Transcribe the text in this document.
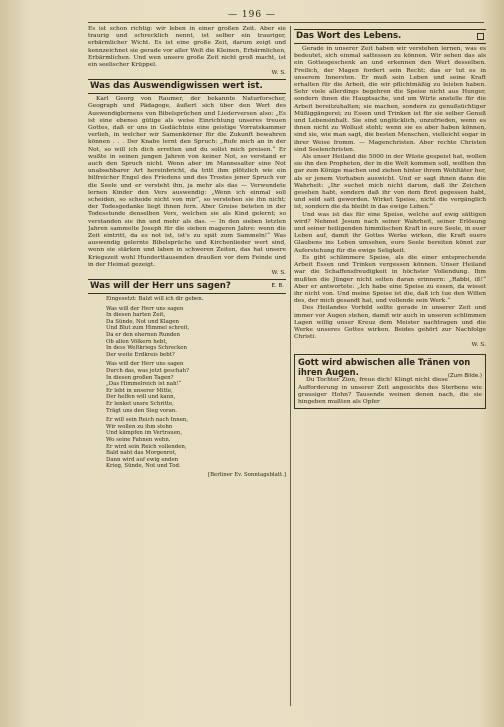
— 196 —

Es ist schon richtig: wir leben in einer großen Zeit. Aber sie traurig und schrecklich nennt, ist selber ein trauriger, erbärmlicher Wicht. Es ist eine große Zeit, darum zeigt und kennzeichnet sie gerade vor aller Welt die Kleinen, Erbärmlichen, Erbärmlichen. Und wen unsere große Zeit nicht groß macht, ist ein seelischer Krüppel.

W. S.
Was das Auswendigwissen wert ist.

Karl Georg von Raumer, der bekannte Naturforscher, Geograph und Pädagoge, äußert sich über den Wert des Auswendiglernens von Bibelsprüchen und Liederversen also: „Es ist eine ebenso gütige als weise Einrichtung unseres treuen Gottes, daß er uns in Gedächtnis eine geistige Vorratskammer verlieh, in welcher wir Samenkörner für die Zukunft bewahren können . . . Der Knabe lernt den Spruch: „Rufe mich an in der Not, so will ich dich erretten und du sollst mich preisen.“ Er wußte in seinen jungen Jahren von keiner Not, so verstand er auch den Spruch nicht. Wenn aber im Mannesalter eine Not unabsehbarer Art hereinbricht, da tritt ihm plötzlich wie ein hilfreicher Engel des Friedens und des Trostes jener Spruch vor die Seele und er versteht ihn, ja mehr als das — Verwundete lernen Kinder den Vers auswendig: „Wenn ich einmal soll scheiden, so scheide nicht von mir“, so verstehen sie ihn nicht; der Todesgedanke liegt ihnen fern. Aber Greise beteten in der Todesstunde denselben Vers, welchen sie als Kind gelernt; so verstanden sie ihn und mehr als das. — In den sieben letzten Jahren sammelte Joseph für die sieben mageren Jahre: wenn die Zeit eintritt, da es not ist, ist's zu spät zum Sammeln!“ Was auswendig gelernte Bibelsprüche und Kirchenlieder wert sind, wenn sie stärken und laben in schweren Zeiten, das hat unsere Kriegszeit wohl Hunderttausenden draußen vor dem Feinde und in der Heimat gezeigt.

W. S.
Was will der Herr uns sagen?	E. B.
Eingesetzt: Balzt will ich dir geben.
Was will der Herr uns sagen
In diesen harten Zeit,
Da Sünde, Not und Klagen
Und Blut zum Himmel schreit,
Da er den ehernen Runden
Ob allen Völkern hebt,
In dess Weltkriegs Schrecken
Der weite Erdkreis bebt?
Was will der Herr uns sagen
Durch das, was jetzt geschah?
In diesen großen Tagen?
„Das Himmelreich ist nah!“
Er lebt in unserer Mitte,
Der helfen will und kann,
Er lenket unsre Schritte,
Trägt uns den Sieg voran.
Er will sein Reich nach Innen,
Wir wollen zu ihm stehn
Und kämpfen im Vertrauen,
Wo seine Fahnen wehn.
Er wird sein Reich vollenden,
Bald naht das Morgenrot,
Dann wird auf ewig enden
Krieg, Sünde, Not und Tod.
[Berliner Ev. Sonntagsblatt.]
Das Wort des Lebens.

Gerade in unserer Zeit haben wir verstehen lernen, was es bedeutet, sich einmal sattessen zu können. Wir sehen das als ein Gottesgeschenk an und erkennen den Wert desselben. Freilich, der Magen fordert sein Recht; das er tut es in unserem Innersten. Er muß sein Leben und seine Kraft erhalten für die Arbeit, die wir pflichtmäßig zu leisten haben. Sehr viele allerdings begehren die Speise nicht aus Hunger, sondern ihnen die Hauptsache, und um Wirte anstelle für die Arbeit bereitzuhalten; sie machen, sondern zu genußsüchtiger Müßiggängerei; zu Essen und Trinken ist für sie selber Genuß und Lebensinhalt. Sie sind unglücklich, unzufrieden, wenn es ihnen nicht zu Wollust steht; wenn sie es aber haben können, sind sie, wie man sagt, die besten Menschen, vielleicht sogar in ihrer Weise fromm. — Magenchristen. Aber rechte Christen sind Seelenchristen.

Als unser Heiland die 5000 in der Wüste gespeist hat, wollen sie ihn den Propheten, der in die Welt kommen soll, wollten ihn gar zum Könige machen und ziehen hinter ihrem Wohltäter her, als er jenem Vorhaben auswicht. Und er sagt ihnen dann die Wahrheit: „Ihr suchet mich nicht darum, daß ihr Zeichen gesehen habt, sondern daß ihr von dem Brot gegessen habt, und seid satt geworden. Wirket Speise, nicht die vergänglich ist, sondern die da bleibt in das ewige Leben.“

Und was ist das für eine Speise, welche auf ewig sättigen wird? Nehmet Jesum nach seiner Wahrheit, seiner Erlösung und seiner heiligenden himmlischen Kraft in eure Seele, in euer Leben auf, damit ihr Gottes Werke wirken, die Kraft euers Glaubens ins Leben umsehen, eure Seele bereiten könnt zur Auferstehung für die ewige Seligkeit.

Es gibt schlimmere Speise, als die einer entsprechende Arbeit Essen und Trinken vergessen können. Unser Heiland war die Schaffensfreudigkeit in höchster Vollendung. Ihm mußten die Jünger nicht selten daran erinnern: „Rabbi, iß!“ Aber er antwortete: „Ich habe eine Speise zu essen, da wisset ihr nicht von. Und meine Speise ist die, daß ich tue den Willen des, der mich gesandt hat, und vollende sein Werk.“

Des Heilandes Vorbild sollte gerade in unserer Zeit und immer vor Augen stehen, damit wir auch in unseren schlimmen Lagen willig unser Kreuz dem Meister nachtragen und die Werke unseres Gottes wirken. Beides gehört zur Nachfolge Christi.

W. S.
Gott wird abwischen alle Tränen von ihren Augen.	(Zum Bilde.)

Du Tochter Zion, freue dich! Klingt nicht diese Aufforderung in unserer Zeit angesichts des Sterbens wie grausiger Hohn? Tausende weinen denen nach, die sie hingeben mußten als Opfer
